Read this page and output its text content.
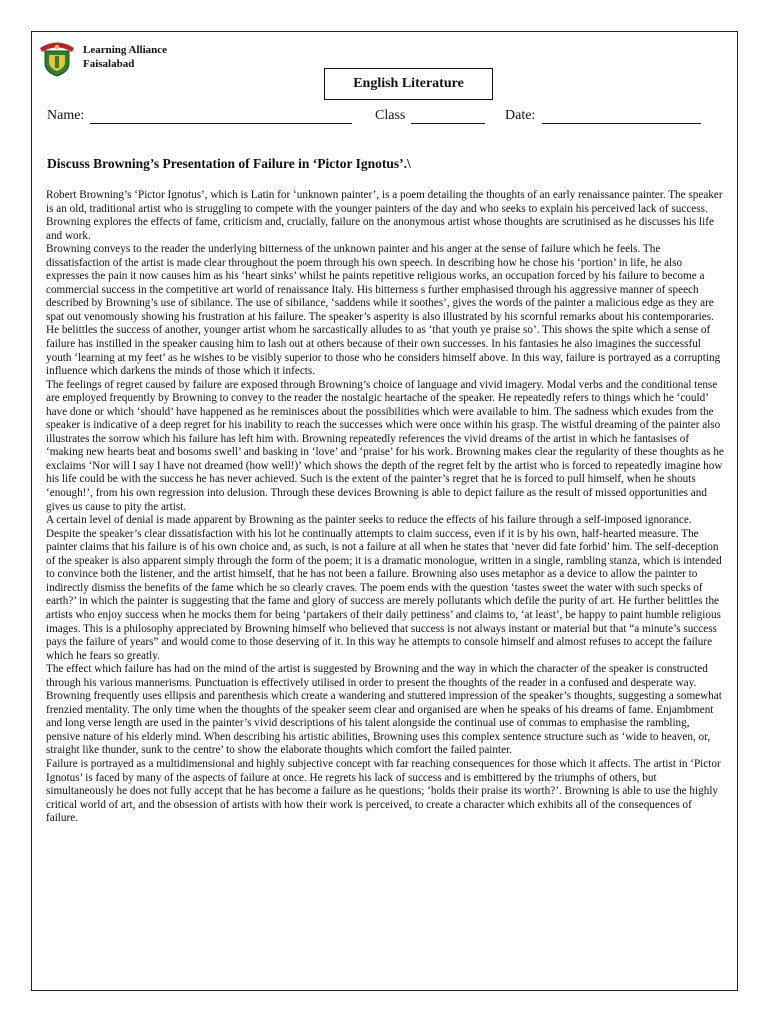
Learning Alliance
Faisalabad
English Literature
Name:	Class	Date:
Discuss Browning’s Presentation of Failure in ‘Pictor Ignotus’.\

Robert Browning’s ‘Pictor Ignotus’, which is Latin for ‘unknown painter’, is a poem detailing the thoughts of an early renaissance painter. The speaker is an old, traditional artist who is struggling to compete with the younger painters of the day and who seeks to explain his perceived lack of success. Browning explores the effects of fame, criticism and, crucially, failure on the anonymous artist whose thoughts are scrutinised as he discusses his life and work.

Browning conveys to the reader the underlying bitterness of the unknown painter and his anger at the sense of failure which he feels. The dissatisfaction of the artist is made clear throughout the poem through his own speech. In describing how he chose his ‘portion’ in life, he also expresses the pain it now causes him as his ‘heart sinks’ whilst he paints repetitive religious works, an occupation forced by his failure to become a commercial success in the competitive art world of renaissance Italy. His bitterness s further emphasised through his aggressive manner of speech described by Browning’s use of sibilance. The use of sibilance, ‘saddens while it soothes’, gives the words of the painter a malicious edge as they are spat out venomously showing his frustration at his failure. The speaker’s asperity is also illustrated by his scornful remarks about his contemporaries. He belittles the success of another, younger artist whom he sarcastically alludes to as ‘that youth ye praise so’. This shows the spite which a sense of failure has instilled in the speaker causing him to lash out at others because of their own successes. In his fantasies he also imagines the successful youth ‘learning at my feet’ as he wishes to be visibly superior to those who he considers himself above. In this way, failure is portrayed as a corrupting influence which darkens the minds of those which it infects.

The feelings of regret caused by failure are exposed through Browning’s choice of language and vivid imagery. Modal verbs and the conditional tense are employed frequently by Browning to convey to the reader the nostalgic heartache of the speaker. He repeatedly refers to things which he ‘could’ have done or which ‘should’ have happened as he reminisces about the possibilities which were available to him. The sadness which exudes from the speaker is indicative of a deep regret for his inability to reach the successes which were once within his grasp. The wistful dreaming of the painter also illustrates the sorrow which his failure has left him with. Browning repeatedly references the vivid dreams of the artist in which he fantasises of ‘making new hearts beat and bosoms swell’ and basking in ‘love’ and ‘praise’ for his work. Browning makes clear the regularity of these thoughts as he exclaims ‘Nor will I say I have not dreamed (how well!)’ which shows the depth of the regret felt by the artist who is forced to repeatedly imagine how his life could be with the success he has never achieved. Such is the extent of the painter’s regret that he is forced to pull himself, when he shouts ‘enough!’, from his own regression into delusion. Through these devices Browning is able to depict failure as the result of missed opportunities and gives us cause to pity the artist.

A certain level of denial is made apparent by Browning as the painter seeks to reduce the effects of his failure through a self-imposed ignorance. Despite the speaker’s clear dissatisfaction with his lot he continually attempts to claim success, even if it is by his own, half-hearted measure. The painter claims that his failure is of his own choice and, as such, is not a failure at all when he states that ‘never did fate forbid’ him. The self-deception of the speaker is also apparent simply through the form of the poem; it is a dramatic monologue, written in a single, rambling stanza, which is intended to convince both the listener, and the artist himself, that he has not been a failure. Browning also uses metaphor as a device to allow the painter to indirectly dismiss the benefits of the fame which he so clearly craves. The poem ends with the question ‘tastes sweet the water with such specks of earth?’ in which the painter is suggesting that the fame and glory of success are merely pollutants which defile the purity of art. He further belittles the artists who enjoy success when he mocks them for being ‘partakers of their daily pettiness’ and claims to, ‘at least’, be happy to paint humble religious images. This is a philosophy appreciated by Browning himself who believed that success is not always instant or material but that “a minute’s success pays the failure of years” and would come to those deserving of it. In this way he attempts to console himself and almost refuses to accept the failure which he fears so greatly.

The effect which failure has had on the mind of the artist is suggested by Browning and the way in which the character of the speaker is constructed through his various mannerisms. Punctuation is effectively utilised in order to present the thoughts of the reader in a confused and desperate way. Browning frequently uses ellipsis and parenthesis which create a wandering and stuttered impression of the speaker’s thoughts, suggesting a somewhat frenzied mentality. The only time when the thoughts of the speaker seem clear and organised are when he speaks of his dreams of fame. Enjambment and long verse length are used in the painter’s vivid descriptions of his talent alongside the continual use of commas to emphasise the rambling, pensive nature of his elderly mind. When describing his artistic abilities, Browning uses this complex sentence structure such as ‘wide to heaven, or, straight like thunder, sunk to the centre’ to show the elaborate thoughts which comfort the failed painter.

Failure is portrayed as a multidimensional and highly subjective concept with far reaching consequences for those which it affects. The artist in ‘Pictor Ignotus’ is faced by many of the aspects of failure at once. He regrets his lack of success and is embittered by the triumphs of others, but simultaneously he does not fully accept that he has become a failure as he questions; ‘holds their praise its worth?’. Browning is able to use the highly critical world of art, and the obsession of artists with how their work is perceived, to create a character which exhibits all of the consequences of failure.
